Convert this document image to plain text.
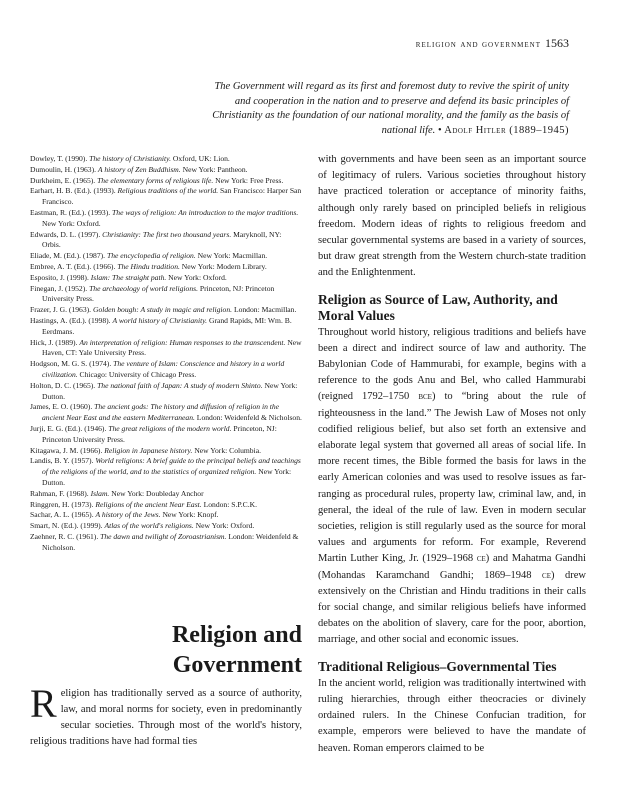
religion and government 1563
The Government will regard as its first and foremost duty to revive the spirit of unity and cooperation in the nation and to preserve and defend its basic principles of Christianity as the foundation of our national morality, and the family as the basis of national life. • Adolf Hitler (1889–1945)

Dowley, T. (1990). The history of Christianity. Oxford, UK: Lion.

Dumoulin, H. (1963). A history of Zen Buddhism. New York: Pantheon.

Durkheim, E. (1965). The elementary forms of religious life. New York: Free Press.

Earhart, H. B. (Ed.). (1993). Religious traditions of the world. San Francisco: Harper San Francisco.

Eastman, R. (Ed.). (1993). The ways of religion: An introduction to the major traditions. New York: Oxford.

Edwards, D. L. (1997). Christianity: The first two thousand years. Maryknoll, NY: Orbis.

Eliade, M. (Ed.). (1987). The encyclopedia of religion. New York: Macmillan.

Embree, A. T. (Ed.). (1966). The Hindu tradition. New York: Modern Library.

Esposito, J. (1998). Islam: The straight path. New York: Oxford.

Finegan, J. (1952). The archaeology of world religions. Princeton, NJ: Princeton University Press.

Frazer, J. G. (1963). Golden bough: A study in magic and religion. London: Macmillan.

Hastings, A. (Ed.). (1998). A world history of Christianity. Grand Rapids, MI: Wm. B. Eerdmans.

Hick, J. (1989). An interpretation of religion: Human responses to the transcendent. New Haven, CT: Yale University Press.

Hodgson, M. G. S. (1974). The venture of Islam: Conscience and history in a world civilization. Chicago: University of Chicago Press.

Holton, D. C. (1965). The national faith of Japan: A study of modern Shinto. New York: Dutton.

James, E. O. (1960). The ancient gods: The history and diffusion of religion in the ancient Near East and the eastern Mediterranean. London: Weidenfeld & Nicholson.

Jurji, E. G. (Ed.). (1946). The great religions of the modern world. Princeton, NJ: Princeton University Press.

Kitagawa, J. M. (1966). Religion in Japanese history. New York: Columbia.

Landis, B. Y. (1957). World religions: A brief guide to the principal beliefs and teachings of the religions of the world, and to the statistics of organized religion. New York: Dutton.

Rahman, F. (1968). Islam. New York: Doubleday Anchor

Ringgren, H. (1973). Religions of the ancient Near East. London: S.P.C.K.

Sachar, A. L. (1965). A history of the Jews. New York: Knopf.

Smart, N. (Ed.). (1999). Atlas of the world's religions. New York: Oxford.

Zaehner, R. C. (1961). The dawn and twilight of Zoroastrianism. London: Weidenfeld & Nicholson.

Religion and
Government

Religion has traditionally served as a source of authority, law, and moral norms for society, even in predominantly secular societies. Through most of the world's history, religious traditions have had formal ties

with governments and have been seen as an important source of legitimacy of rulers. Various societies throughout history have practiced toleration or acceptance of minority faiths, although only rarely based on principled beliefs in religious freedom. Modern ideas of rights to religious freedom and secular governmental systems are based in a variety of sources, but draw great strength from the Western church-state tradition and the Enlightenment.

Religion as Source of Law, Authority, and Moral Values

Throughout world history, religious traditions and beliefs have been a direct and indirect source of law and authority. The Babylonian Code of Hammurabi, for example, begins with a reference to the gods Anu and Bel, who called Hammurabi (reigned 1792–1750 bce) to “bring about the rule of righteousness in the land.” The Jewish Law of Moses not only codified religious belief, but also set forth an extensive and elaborate legal system that governed all areas of social life. In more recent times, the Bible formed the basis for laws in the early American colonies and was used to resolve issues as far-ranging as procedural rules, property law, criminal law, and, in general, the ideal of the rule of law. Even in modern secular societies, religion is still regularly used as the source for moral values and arguments for reform. For example, Reverend Martin Luther King, Jr. (1929–1968 ce) and Mahatma Gandhi (Mohandas Karamchand Gandhi; 1869–1948 ce) drew extensively on the Christian and Hindu traditions in their calls for social change, and similar religious beliefs have informed debates on the abolition of slavery, care for the poor, abortion, marriage, and other social and economic issues.

Traditional Religious–Governmental Ties

In the ancient world, religion was traditionally intertwined with ruling hierarchies, through either theocracies or divinely ordained rulers. In the Chinese Confucian tradition, for example, emperors were believed to have the mandate of heaven. Roman emperors claimed to be
